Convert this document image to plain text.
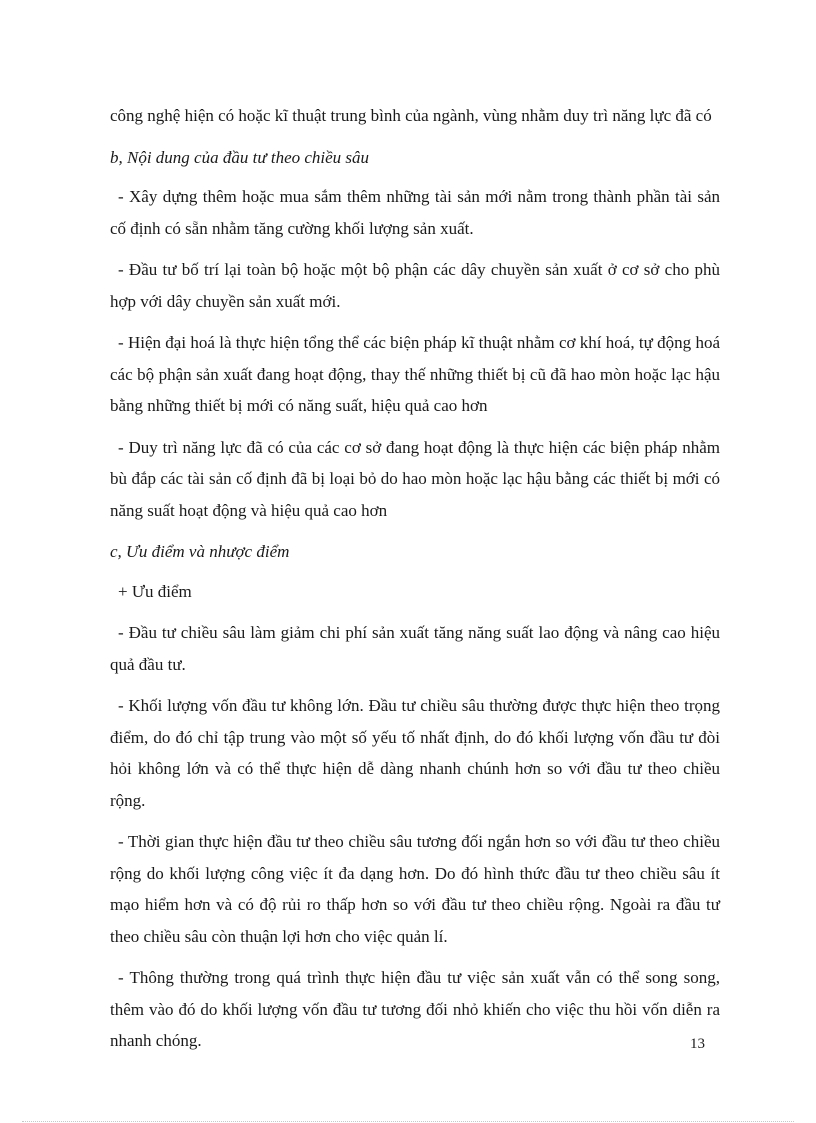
công nghệ hiện có hoặc kĩ thuật trung bình của ngành, vùng nhằm duy trì năng lực đã có

b, Nội dung của đầu tư theo chiều sâu

- Xây dựng thêm hoặc mua sắm thêm những tài sản mới nằm trong thành phần tài sản cố định có sẵn nhằm tăng cường khối lượng sản xuất.

- Đầu tư bố trí lại toàn bộ hoặc một bộ phận các dây chuyền sản xuất ở cơ sở cho phù hợp với dây chuyền sản xuất mới.

- Hiện đại hoá là thực hiện tổng thể các biện pháp kĩ thuật nhằm cơ khí hoá, tự động hoá các bộ phận sản xuất đang hoạt động, thay thế những thiết bị cũ đã hao mòn hoặc lạc hậu bằng những thiết bị mới có năng suất, hiệu quả cao hơn

- Duy trì năng lực đã có của các cơ sở đang hoạt động là thực hiện các biện pháp nhằm bù đắp các tài sản cố định đã bị loại bỏ do hao mòn hoặc lạc hậu bằng các thiết bị mới có năng suất hoạt động và hiệu quả cao hơn

c, Ưu điểm và nhược điểm

+ Ưu điểm

- Đầu tư chiều sâu làm giảm chi phí sản xuất tăng năng suất lao động và nâng cao hiệu quả đầu tư.

- Khối lượng vốn đầu tư không lớn. Đầu tư chiều sâu thường được thực hiện theo trọng điểm, do đó chỉ tập trung vào một số yếu tố nhất định, do đó khối lượng vốn đầu tư đòi hỏi không lớn và có thể thực hiện dễ dàng nhanh chúnh hơn so với đầu tư theo chiều rộng.

- Thời gian thực hiện đầu tư theo chiều sâu tương đối ngắn hơn so với đầu tư theo chiều rộng do khối lượng công việc ít đa dạng hơn. Do đó hình thức đầu tư theo chiều sâu ít mạo hiểm hơn và có độ rủi ro thấp hơn so với đầu tư theo chiều rộng. Ngoài ra đầu tư theo chiều sâu còn thuận lợi hơn cho việc quản lí.

- Thông thường trong quá trình thực hiện đầu tư việc sản xuất vẫn có thể song song, thêm vào đó do khối lượng vốn đầu tư tương đối nhỏ khiến cho việc thu hồi vốn diễn ra nhanh chóng.	13
